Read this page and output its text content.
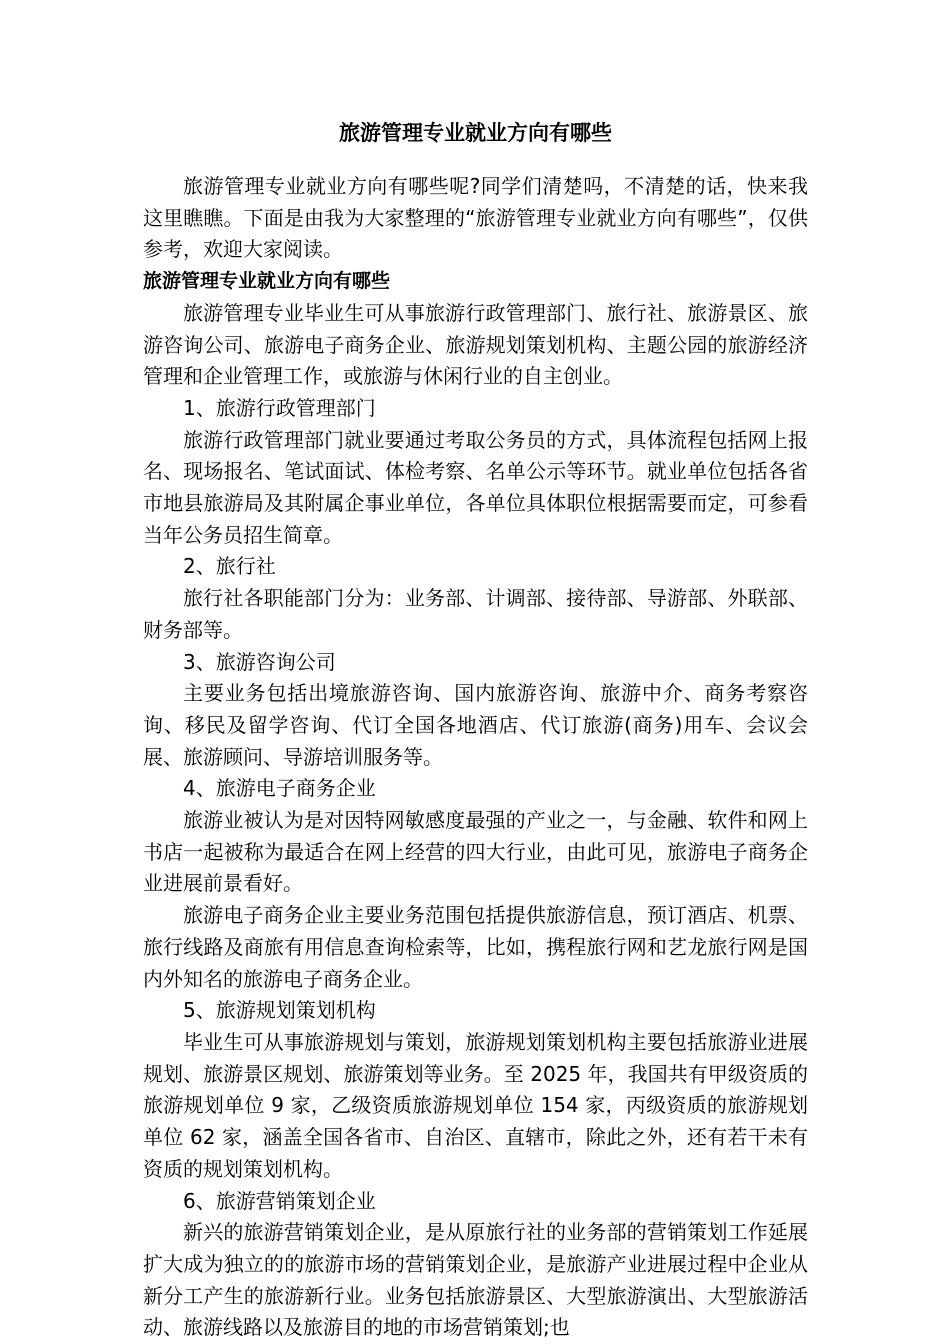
旅游管理专业就业方向有哪些

旅游管理专业就业方向有哪些呢?同学们清楚吗，不清楚的话，快来我这里瞧瞧。下面是由我为大家整理的“旅游管理专业就业方向有哪些”，仅供参考，欢迎大家阅读。

旅游管理专业就业方向有哪些

旅游管理专业毕业生可从事旅游行政管理部门、旅行社、旅游景区、旅游咨询公司、旅游电子商务企业、旅游规划策划机构、主题公园的旅游经济管理和企业管理工作，或旅游与休闲行业的自主创业。

1、旅游行政管理部门

旅游行政管理部门就业要通过考取公务员的方式，具体流程包括网上报名、现场报名、笔试面试、体检考察、名单公示等环节。就业单位包括各省市地县旅游局及其附属企事业单位，各单位具体职位根据需要而定，可参看当年公务员招生简章。

2、旅行社

旅行社各职能部门分为：业务部、计调部、接待部、导游部、外联部、财务部等。

3、旅游咨询公司

主要业务包括出境旅游咨询、国内旅游咨询、旅游中介、商务考察咨询、移民及留学咨询、代订全国各地酒店、代订旅游(商务)用车、会议会展、旅游顾问、导游培训服务等。

4、旅游电子商务企业

旅游业被认为是对因特网敏感度最强的产业之一，与金融、软件和网上书店一起被称为最适合在网上经营的四大行业，由此可见，旅游电子商务企业进展前景看好。

旅游电子商务企业主要业务范围包括提供旅游信息，预订酒店、机票、旅行线路及商旅有用信息查询检索等，比如，携程旅行网和艺龙旅行网是国内外知名的旅游电子商务企业。

5、旅游规划策划机构

毕业生可从事旅游规划与策划，旅游规划策划机构主要包括旅游业进展规划、旅游景区规划、旅游策划等业务。至 2025 年，我国共有甲级资质的旅游规划单位 9 家，乙级资质旅游规划单位 154 家，丙级资质的旅游规划单位 62 家，涵盖全国各省市、自治区、直辖市，除此之外，还有若干未有资质的规划策划机构。

6、旅游营销策划企业

新兴的旅游营销策划企业，是从原旅行社的业务部的营销策划工作延展扩大成为独立的的旅游市场的营销策划企业，是旅游产业进展过程中企业从新分工产生的旅游新行业。业务包括旅游景区、大型旅游演出、大型旅游活动、旅游线路以及旅游目的地的市场营销策划;也
